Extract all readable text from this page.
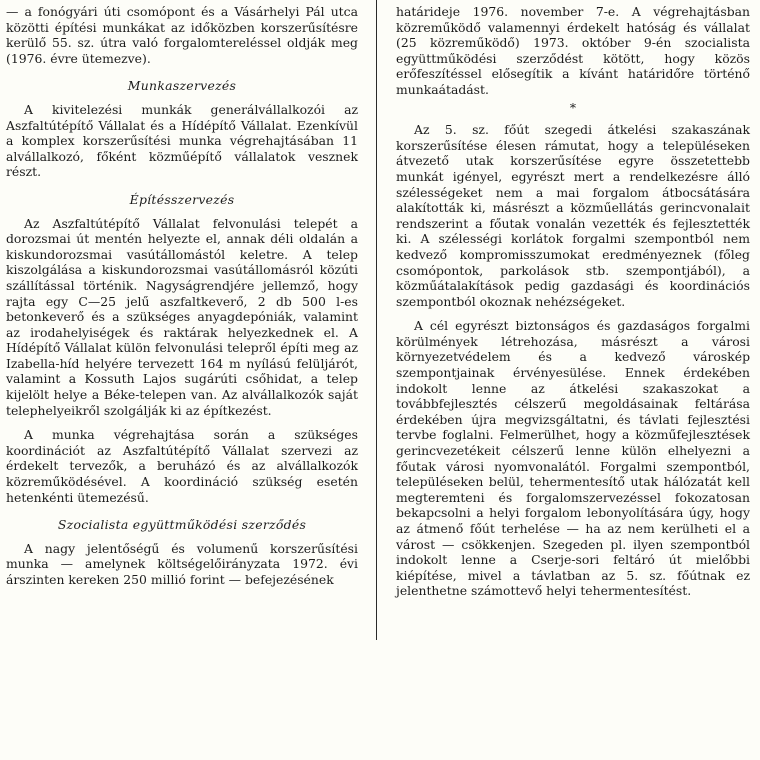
— a fonógyári úti csomópont és a Vásárhelyi Pál utca közötti építési munkákat az időközben korszerűsítésre kerülő 55. sz. útra való forgalomtereléssel oldják meg (1976. évre ütemezve).

Munkaszervezés

A kivitelezési munkák generálvállalkozói az Aszfaltútépítő Vállalat és a Hídépítő Vállalat. Ezenkívül a komplex korszerűsítési munka végrehajtásában 11 alvállalkozó, főként közműépítő vállalatok vesznek részt.

Építésszervezés

Az Aszfaltútépítő Vállalat felvonulási telepét a dorozsmai út mentén helyezte el, annak déli oldalán a kiskundorozsmai vasútállomástól keletre. A telep kiszolgálása a kiskundorozsmai vasútállomásról közúti szállítással történik. Nagyságrendjére jellemző, hogy rajta egy C—25 jelű aszfaltkeverő, 2 db 500 l-es betonkeverő és a szükséges anyagdepóniák, valamint az irodahelyiségek és raktárak helyezkednek el. A Hídépítő Vállalat külön felvonulási telepről építi meg az Izabella-híd helyére tervezett 164 m nyílású felüljárót, valamint a Kossuth Lajos sugárúti csőhidat, a telep kijelölt helye a Béke-telepen van. Az alvállalkozók saját telephelyeikről szolgálják ki az építkezést.

A munka végrehajtása során a szükséges koordinációt az Aszfaltútépítő Vállalat szervezi az érdekelt tervezők, a beruházó és az alvállalkozók közreműködésével. A koordináció szükség esetén hetenkénti ütemezésű.

Szocialista együttműködési szerződés

A nagy jelentőségű és volumenű korszerűsítési munka — amelynek költségelőirányzata 1972. évi árszinten kereken 250 millió forint — befejezésének

határideje 1976. november 7-e. A végrehajtásban közreműködő valamennyi érdekelt hatóság és vállalat (25 közreműködő) 1973. október 9-én szocialista együttműködési szerződést kötött, hogy közös erőfeszítéssel elősegítik a kívánt határidőre történő munkaátadást.

*

Az 5. sz. főút szegedi átkelési szakaszának korszerűsítése élesen rámutat, hogy a településeken átvezető utak korszerűsítése egyre összetettebb munkát igényel, egyrészt mert a rendelkezésre álló szélességeket nem a mai forgalom átbocsátására alakították ki, másrészt a közműellátás gerincvonalait rendszerint a főutak vonalán vezették és fejlesztették ki. A szélességi korlátok forgalmi szempontból nem kedvező kompromisszumokat eredményeznek (főleg csomópontok, parkolások stb. szempontjából), a közműátalakítások pedig gazdasági és koordinációs szempontból okoznak nehézségeket.

A cél egyrészt biztonságos és gazdaságos forgalmi körülmények létrehozása, másrészt a városi környezetvédelem és a kedvező városkép szempontjainak érvényesülése. Ennek érdekében indokolt lenne az átkelési szakaszokat a továbbfejlesztés célszerű megoldásainak feltárása érdekében újra megvizsgáltatni, és távlati fejlesztési tervbe foglalni. Felmerülhet, hogy a közműfejlesztések gerincvezetékeit célszerű lenne külön elhelyezni a főutak városi nyomvonalától. Forgalmi szempontból, településeken belül, tehermentesítő utak hálózatát kell megteremteni és forgalomszervezéssel fokozatosan bekapcsolni a helyi forgalom lebonyolítására úgy, hogy az átmenő főút terhelése — ha az nem kerülheti el a várost — csökkenjen. Szegeden pl. ilyen szempontból indokolt lenne a Cserje-sori feltáró út mielőbbi kiépítése, mivel a távlatban az 5. sz. főútnak ez jelenthetne számottevő helyi tehermentesítést.
